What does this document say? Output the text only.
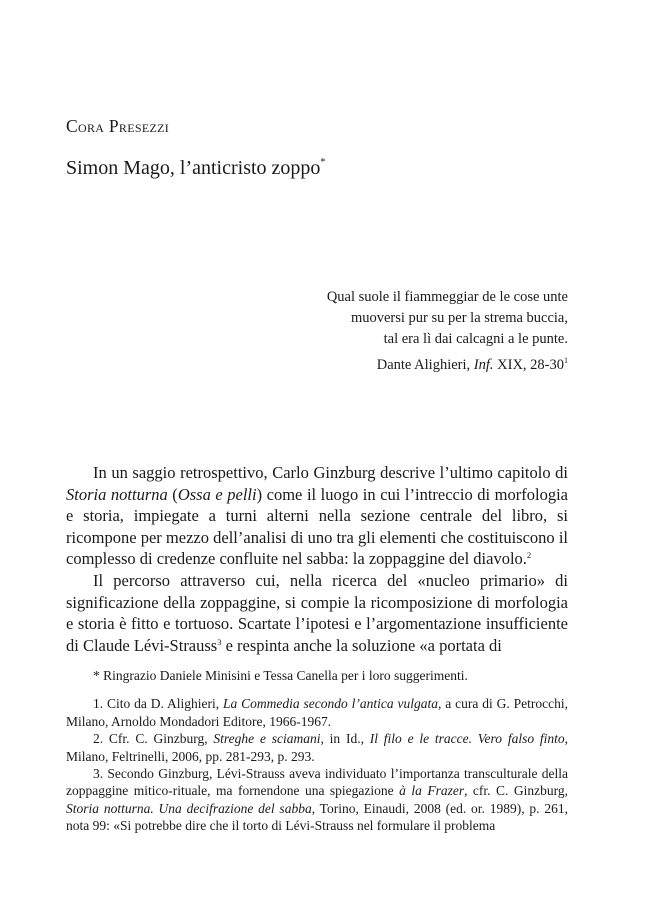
Cora Presezzi
Simon Mago, l’anticristo zoppo*
Qual suole il fiammeggiar de le cose unte
muoversi pur su per la strema buccia,
tal era lì dai calcagni a le punte.
Dante Alighieri, Inf. XIX, $28-30^1$

In un saggio retrospettivo, Carlo Ginzburg descrive l’ultimo capitolo di Storia notturna (Ossa e pelli) come il luogo in cui l’intreccio di morfologia e storia, impiegate a turni alterni nella sezione centrale del libro, si ricompone per mezzo dell’analisi di uno tra gli elementi che costituiscono il complesso di credenze confluite nel sabba: la zoppaggine del diavolo.$^2$

Il percorso attraverso cui, nella ricerca del «nucleo primario» di significazione della zoppaggine, si compie la ricomposizione di morfologia e storia è fitto e tortuoso. Scartate l’ipotesi e l’argomentazione insufficiente di Claude Lévi-Strauss$^3$ e respinta anche la soluzione «a portata di

* Ringrazio Daniele Minisini e Tessa Canella per i loro suggerimenti.

1. Cito da D. Alighieri, La Commedia secondo l’antica vulgata, a cura di G. Petrocchi, Milano, Arnoldo Mondadori Editore, 1966-1967.

2. Cfr. C. Ginzburg, Streghe e sciamani, in Id., Il filo e le tracce. Vero falso finto, Milano, Feltrinelli, 2006, pp. 281-293, p. 293.

3. Secondo Ginzburg, Lévi-Strauss aveva individuato l’importanza transculturale della zoppaggine mitico-rituale, ma fornendone una spiegazione à la Frazer, cfr. C. Ginzburg, Storia notturna. Una decifrazione del sabba, Torino, Einaudi, 2008 (ed. or. 1989), p. 261, nota 99: «Si potrebbe dire che il torto di Lévi-Strauss nel formulare il problema
